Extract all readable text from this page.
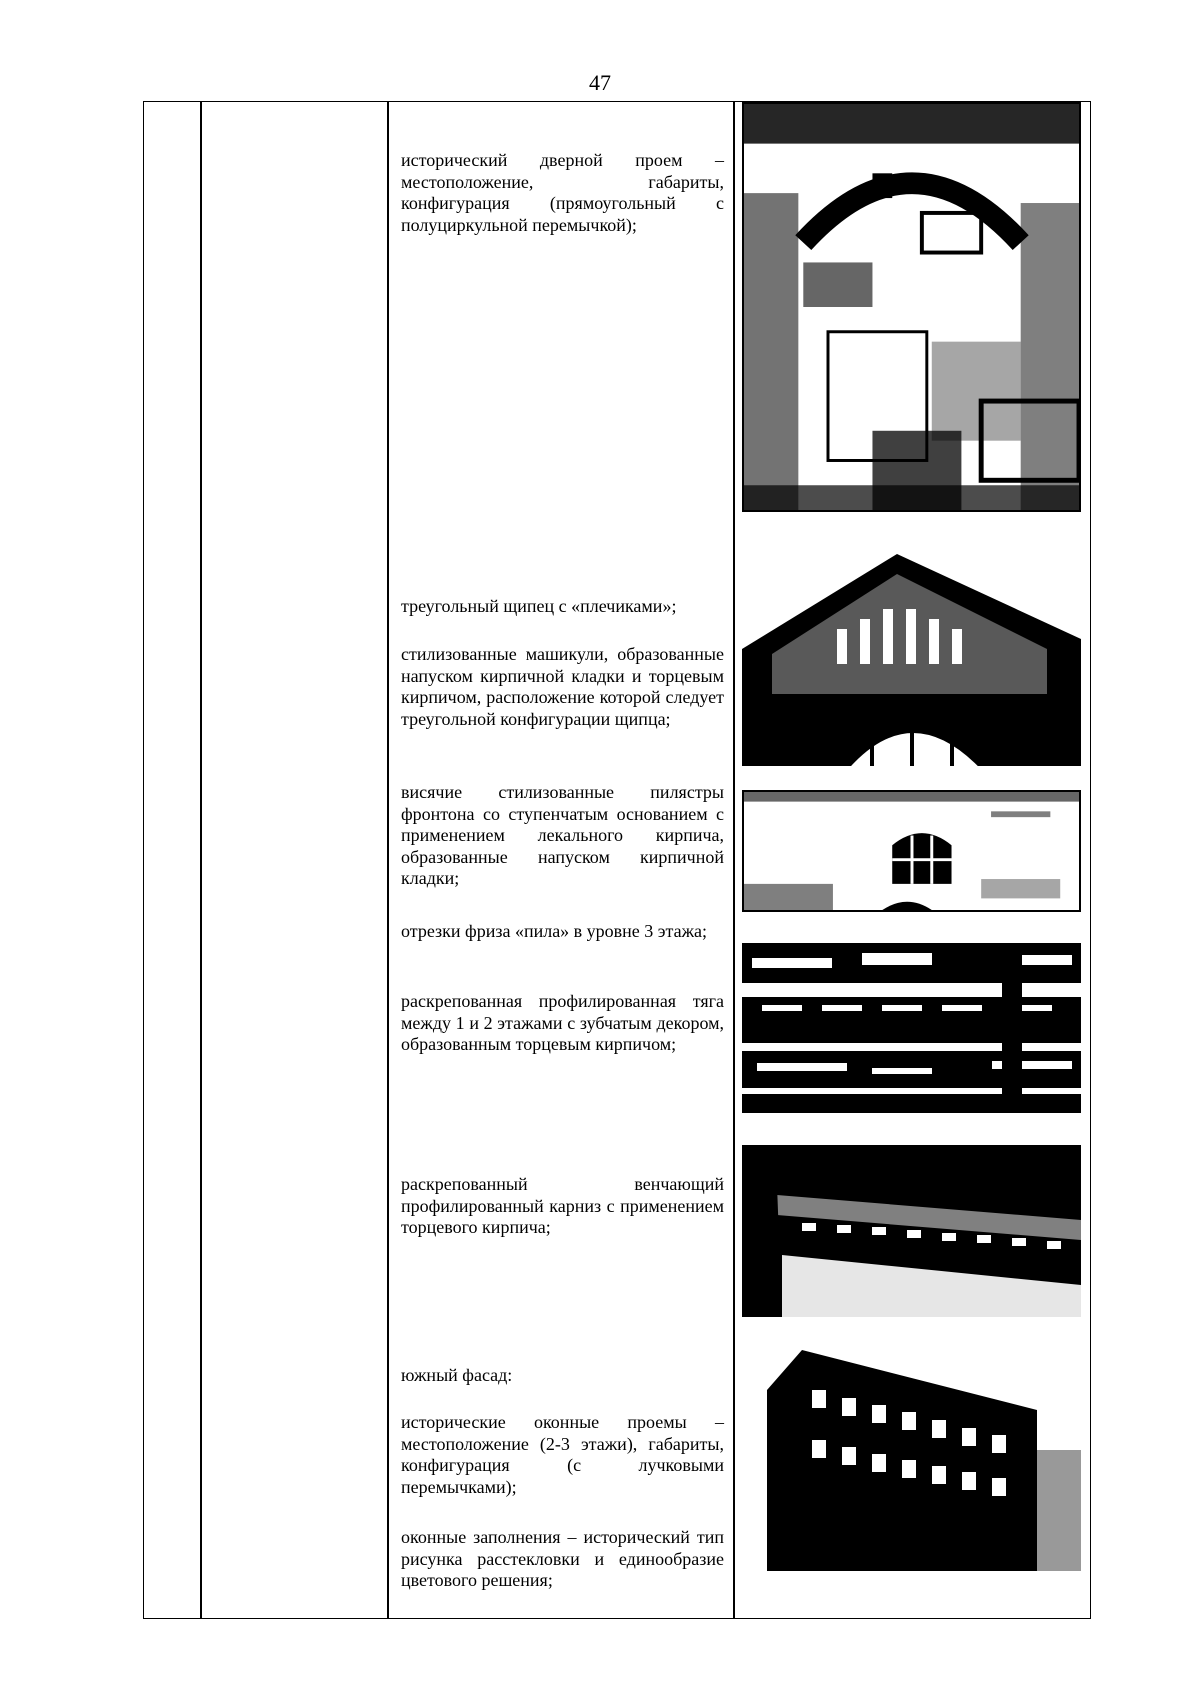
47

исторический дверной проем – местоположение, габариты, конфигурация (прямоугольный с полуциркульной перемычкой);

треугольный щипец с «плечиками»;

стилизованные машикули, образованные напуском кирпичной кладки и торцевым кирпичом, расположение которой следует треугольной конфигурации щипца;

висячие стилизованные пилястры фронтона со ступенчатым основанием с применением лекального кирпича, образованные напуском кирпичной кладки;

отрезки фриза «пила» в уровне 3 этажа;

раскрепованная профилированная тяга между 1 и 2 этажами с зубчатым декором, образованным торцевым кирпичом;

раскрепованный венчающий профилированный карниз с применением торцевого кирпича;

южный фасад:

исторические оконные проемы – местоположение (2-3 этажи), габариты, конфигурация (с лучковыми перемычками);

оконные заполнения – исторический тип рисунка расстекловки и единообразие цветового решения;
